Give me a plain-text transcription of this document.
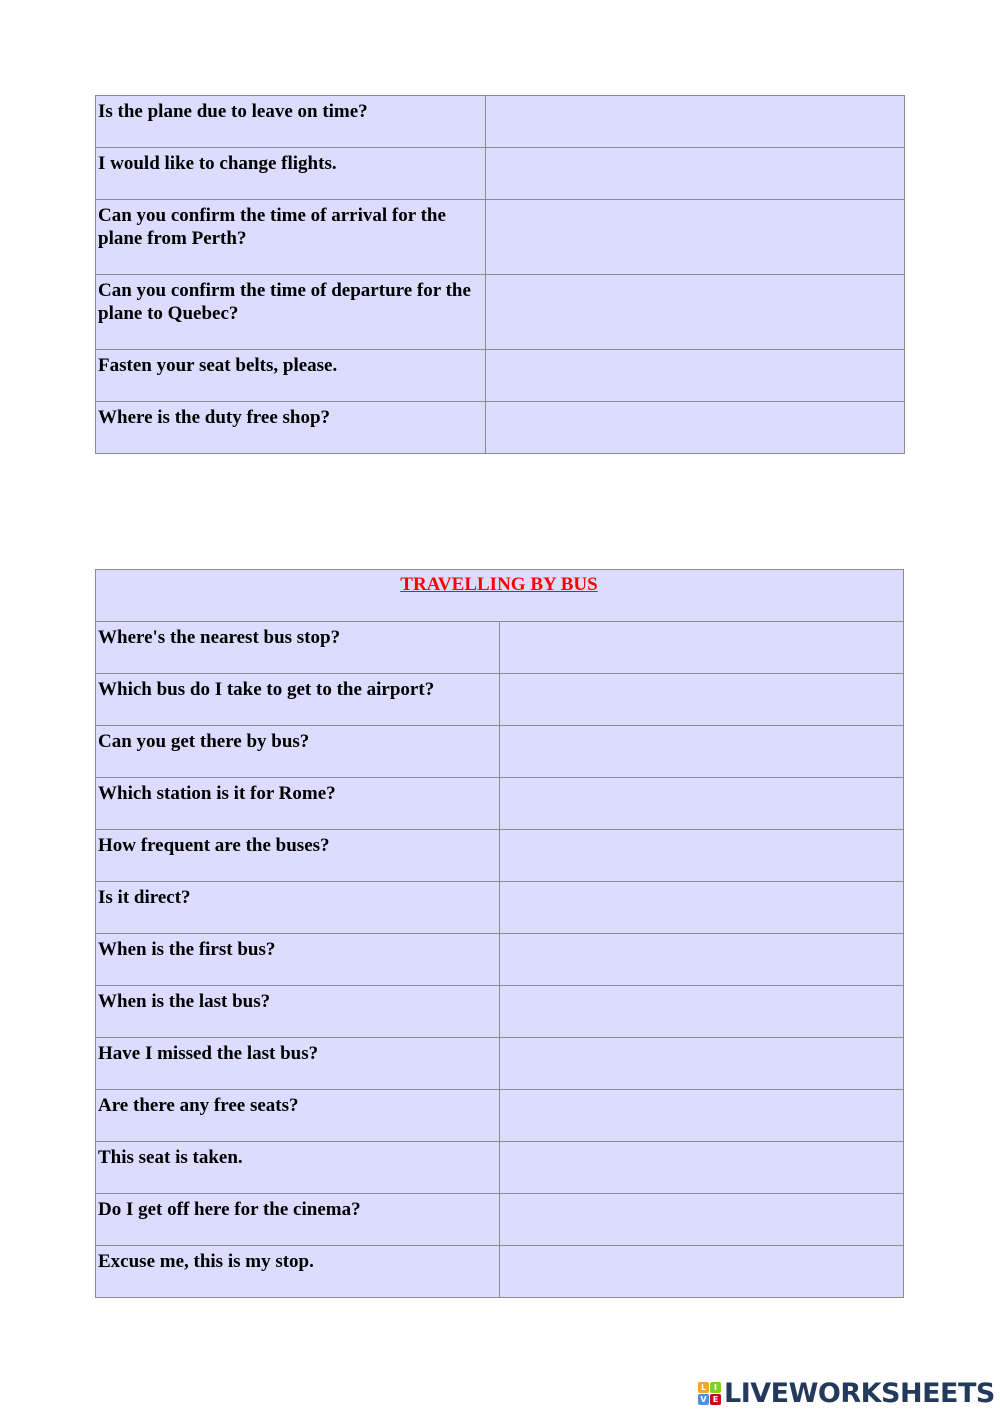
Is the plane due to leave on time?	

I would like to change flights.	

Can you confirm the time of arrival for the plane from Perth?	

Can you confirm the time of departure for the plane to Quebec?	

Fasten your seat belts, please.	

Where is the duty free shop?	
TRAVELLING BY BUS	
Where's the nearest bus stop?	

Which bus do I take to get to the airport?	

Can you get there by bus?	

Which station is it for Rome?	

How frequent are the buses?	

Is it direct?	

When is the first bus?	

When is the last bus?	

Have I missed the last bus?	

Are there any free seats?	

This seat is taken.	

Do I get off here for the cinema?	

Excuse me, this is my stop.	
L I
V E LIVEWORKSHEETS
